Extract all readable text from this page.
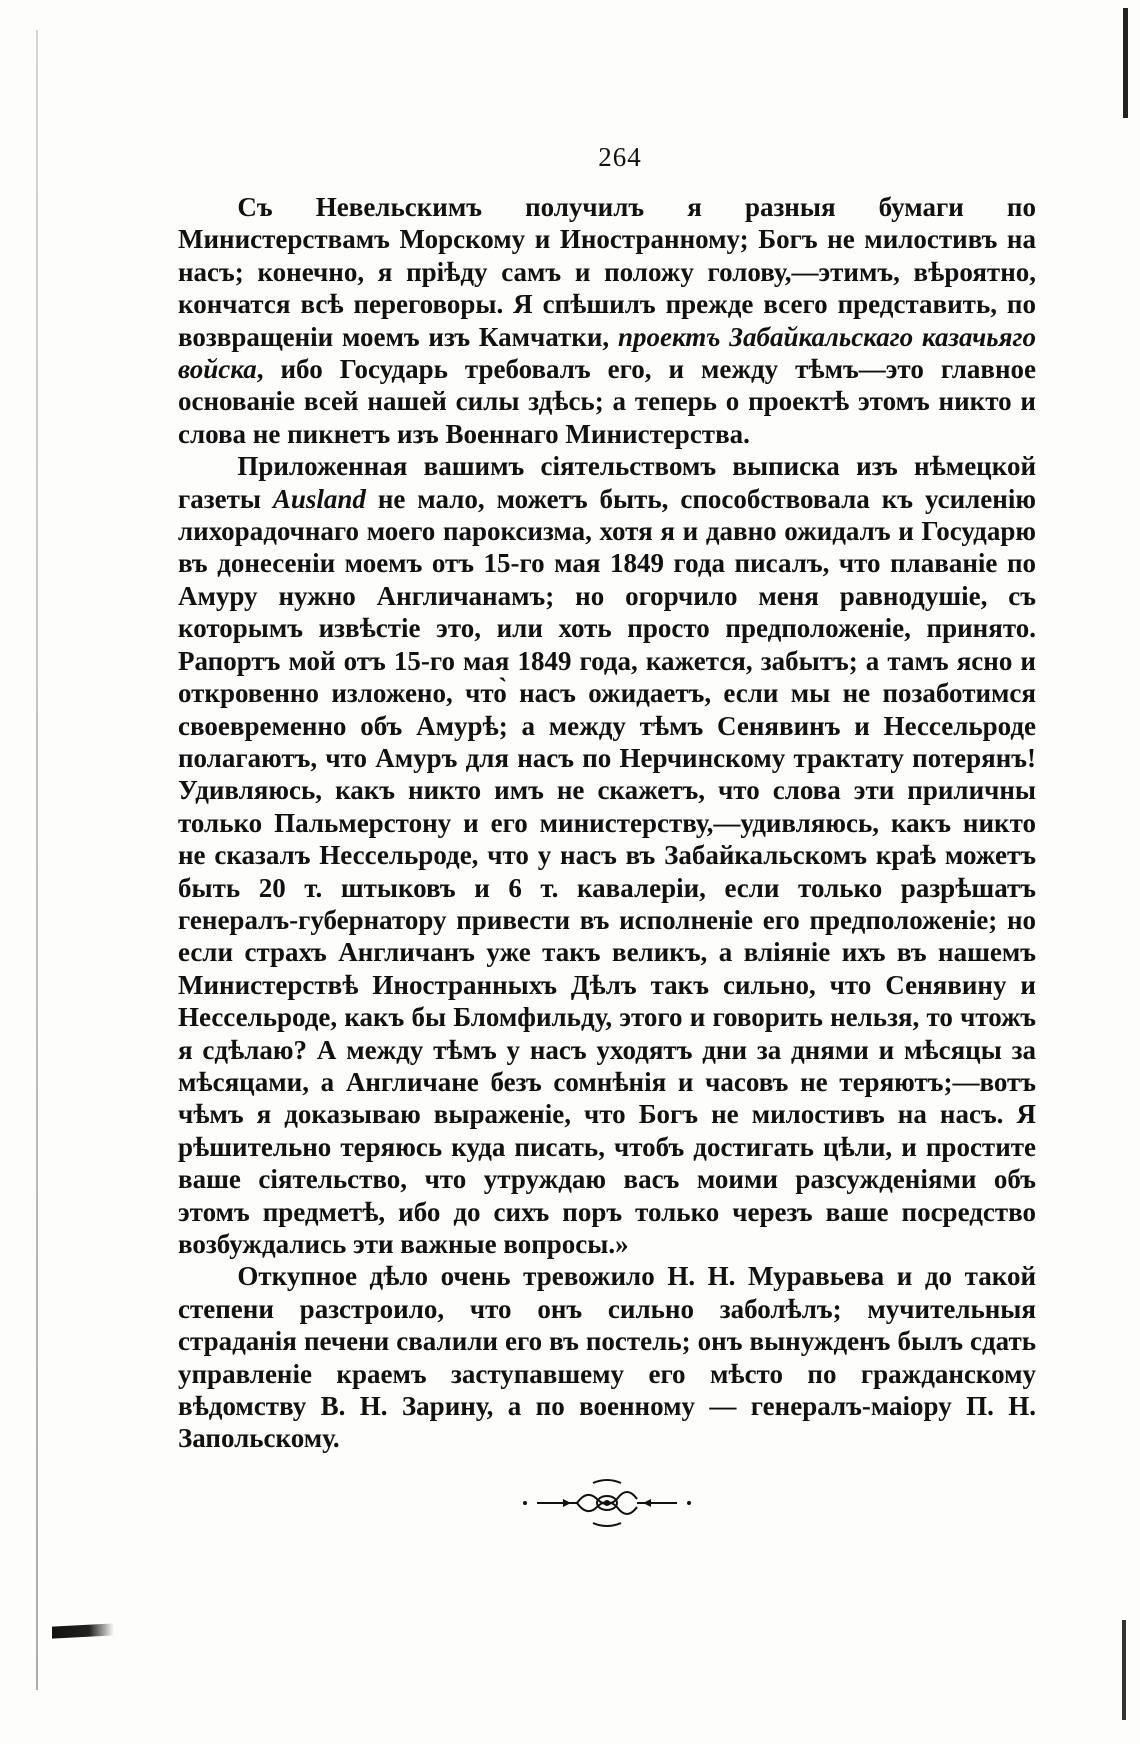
264

Съ Невельскимъ получилъ я разныя бумаги по Министерствамъ Морскому и Иностранному; Богъ не милостивъ на насъ; конечно, я прiѣду самъ и положу голову,—этимъ, вѣроятно, кончатся всѣ переговоры. Я спѣшилъ прежде всего представить, по возвращенiи моемъ изъ Камчатки, проектъ Забайкальскаго казачьяго войска, ибо Государь требовалъ его, и между тѣмъ—это главное основанiе всей нашей силы здѣсь; а теперь о проектѣ этомъ никто и слова не пикнетъ изъ Военнаго Министерства.

Приложенная вашимъ сiятельствомъ выписка изъ нѣмецкой газеты Ausland не мало, можетъ быть, способствовала къ усиленiю лихорадочнаго моего пароксизма, хотя я и давно ожидалъ и Государю въ донесенiи моемъ отъ 15-го мая 1849 года писалъ, что плаванiе по Амуру нужно Англичанамъ; но огорчило меня равнодушiе, съ которымъ извѣстiе это, или хоть просто предположенiе, принято. Рапортъ мой отъ 15-го мая 1849 года, кажется, забытъ; а тамъ ясно и откровенно изложено, что̀ насъ ожидаетъ, если мы не позаботимся своевременно объ Амурѣ; а между тѣмъ Сенявинъ и Нессельроде полагаютъ, что Амуръ для насъ по Нерчинскому трактату потерянъ! Удивляюсь, какъ никто имъ не скажетъ, что слова эти приличны только Пальмерстону и его министерству,—удивляюсь, какъ никто не сказалъ Нессельроде, что у насъ въ Забайкальскомъ краѣ можетъ быть 20 т. штыковъ и 6 т. кавалерiи, если только разрѣшатъ генералъ-губернатору привести въ исполненiе его предположенiе; но если страхъ Англичанъ уже такъ великъ, а влiянiе ихъ въ нашемъ Министерствѣ Иностранныхъ Дѣлъ такъ сильно, что Сенявину и Нессельроде, какъ бы Бломфильду, этого и говорить нельзя, то чтожъ я сдѣлаю? А между тѣмъ у насъ уходятъ дни за днями и мѣсяцы за мѣсяцами, а Англичане безъ сомнѣнiя и часовъ не теряютъ;—вотъ чѣмъ я доказываю выраженiе, что Богъ не милостивъ на насъ. Я рѣшительно теряюсь куда писать, чтобъ достигать цѣли, и простите ваше сiятельство, что утруждаю васъ моими разсужденiями объ этомъ предметѣ, ибо до сихъ поръ только черезъ ваше посредство возбуждались эти важные вопросы.»

Откупное дѣло очень тревожило Н. Н. Муравьева и до такой степени разстроило, что онъ сильно заболѣлъ; мучительныя страданiя печени свалили его въ постель; онъ вынужденъ былъ сдать управленiе краемъ заступавшему его мѣсто по гражданскому вѣдомству В. Н. Зарину, а по военному — генералъ-маiору П. Н. Запольскому.
